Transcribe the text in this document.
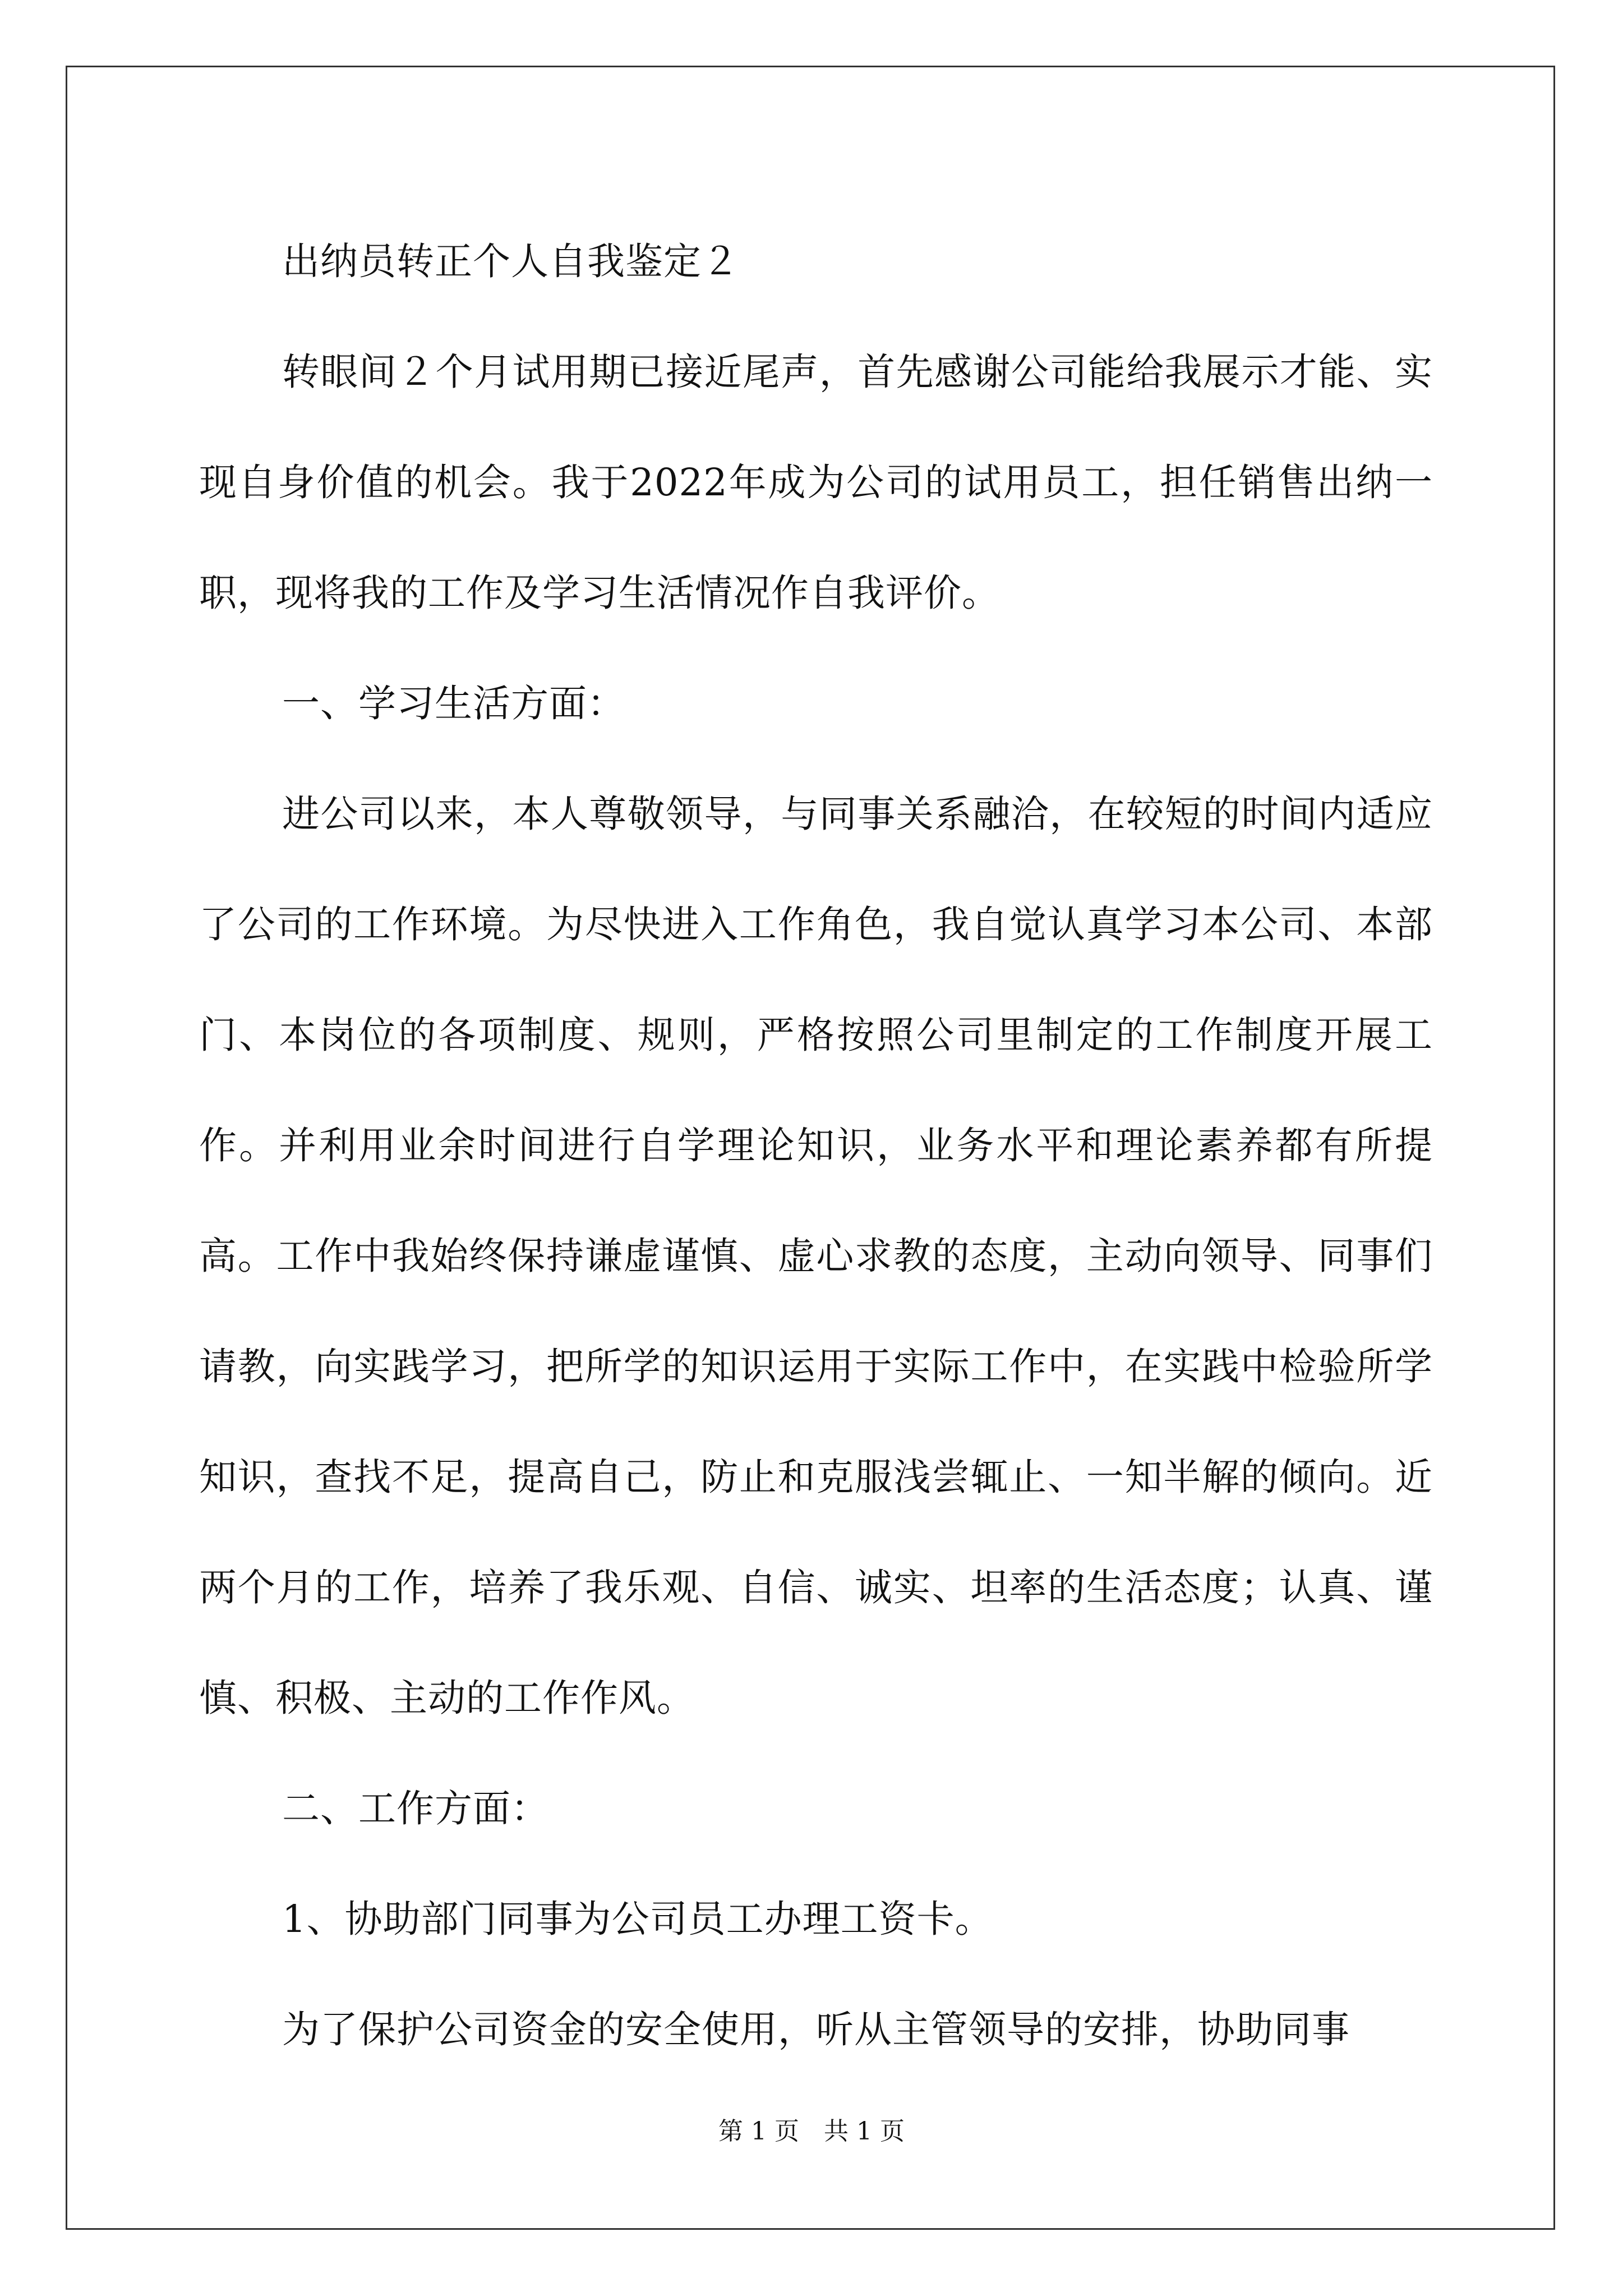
出纳员转正个人自我鉴定２

转眼间２个月试用期已接近尾声，首先感谢公司能给我展示才能、实现自身价值的机会。我于2022年成为公司的试用员工，担任销售出纳一职，现将我的工作及学习生活情况作自我评价。

一、学习生活方面：

进公司以来，本人尊敬领导，与同事关系融洽，在较短的时间内适应了公司的工作环境。为尽快进入工作角色，我自觉认真学习本公司、本部门、本岗位的各项制度、规则，严格按照公司里制定的工作制度开展工作。并利用业余时间进行自学理论知识，业务水平和理论素养都有所提高。工作中我始终保持谦虚谨慎、虚心求教的态度，主动向领导、同事们请教，向实践学习，把所学的知识运用于实际工作中，在实践中检验所学知识，查找不足，提高自己，防止和克服浅尝辄止、一知半解的倾向。近两个月的工作，培养了我乐观、自信、诚实、坦率的生活态度；认真、谨慎、积极、主动的工作作风。

二、工作方面：

1、协助部门同事为公司员工办理工资卡。

为了保护公司资金的安全使用，听从主管领导的安排，协助同事

第 1 页　共 1 页
